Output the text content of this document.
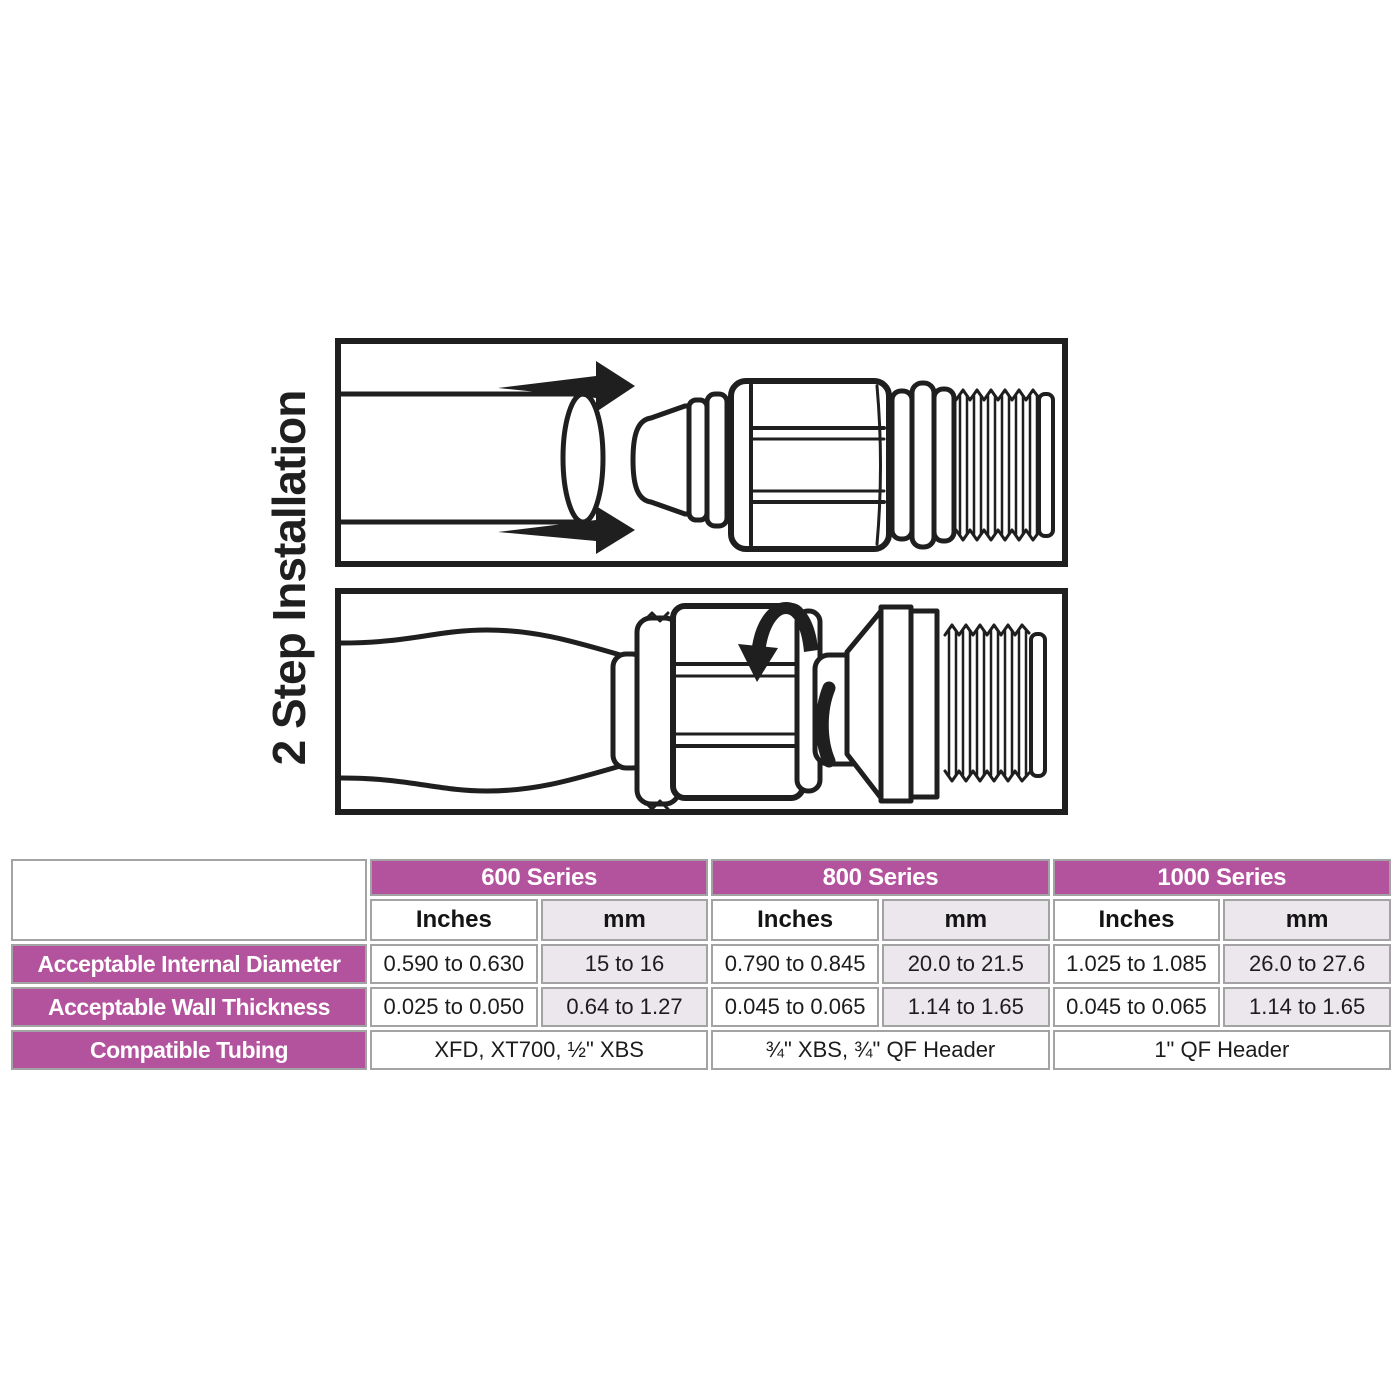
2 Step Installation
	600 Series		800 Series		1000 Series	
	Inches	mm	Inches	mm	Inches	mm
Acceptable Internal Diameter	0.590 to 0.630	15 to 16	0.790 to 0.845	20.0 to 21.5	1.025 to 1.085	26.0 to 27.6
Acceptable Wall Thickness	0.025 to 0.050	0.64 to 1.27	0.045 to 0.065	1.14 to 1.65	0.045 to 0.065	1.14 to 1.65
Compatible Tubing	XFD, XT700, ½" XBS		¾" XBS, ¾" QF Header		1" QF Header	
